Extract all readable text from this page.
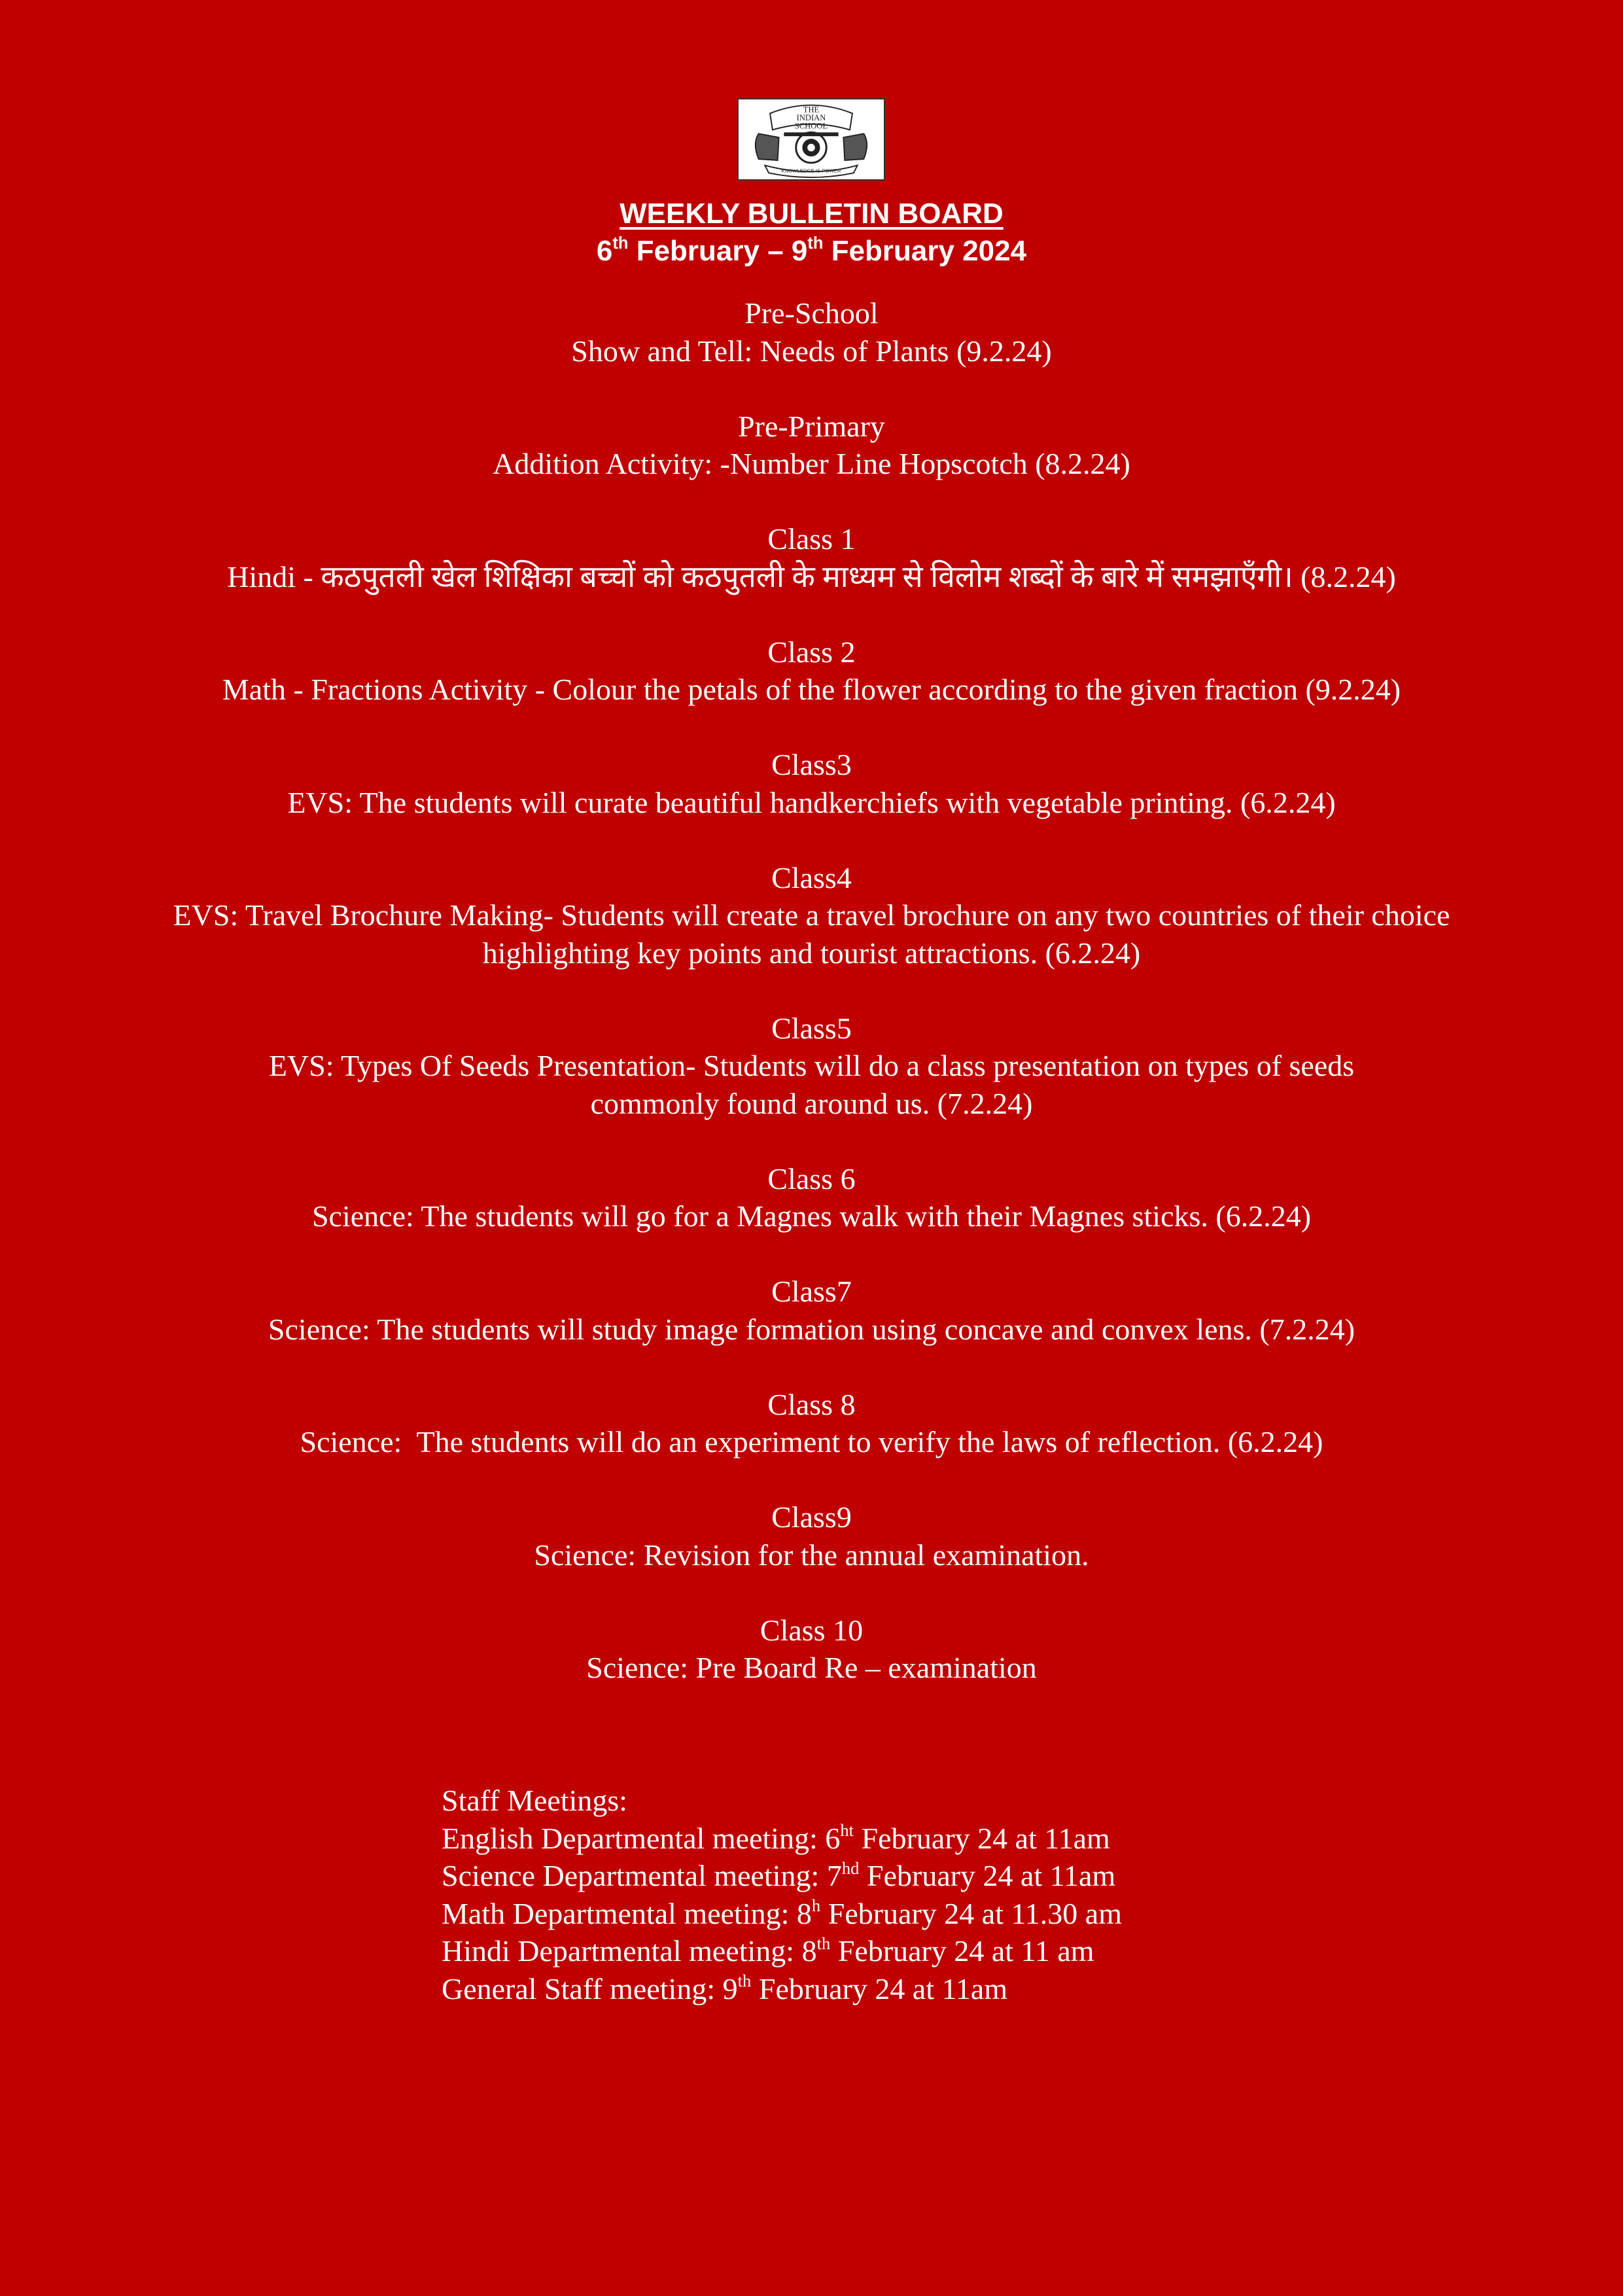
THE
INDIAN
SCHOOL
KNOWLEDGE IS POWER
WEEKLY BULLETIN BOARD
6th February – 9th February 2024
Pre-School
Show and Tell: Needs of Plants (9.2.24)
Pre-Primary
Addition Activity: -Number Line Hopscotch (8.2.24)
Class 1
Hindi - कठपुतली खेल शिक्षिका बच्चों को कठपुतली के माध्यम से विलोम शब्दों के बारे में समझाएँगी। (8.2.24)
Class 2
Math - Fractions Activity - Colour the petals of the flower according to the given fraction (9.2.24)
Class3
EVS: The students will curate beautiful handkerchiefs with vegetable printing. (6.2.24)
Class4
EVS: Travel Brochure Making- Students will create a travel brochure on any two countries of their choice highlighting key points and tourist attractions. (6.2.24)
Class5
EVS: Types Of Seeds Presentation- Students will do a class presentation on types of seeds commonly found around us. (7.2.24)
Class 6
Science: The students will go for a Magnes walk with their Magnes sticks. (6.2.24)
Class7
Science: The students will study image formation using concave and convex lens. (7.2.24)
Class 8
Science:  The students will do an experiment to verify the laws of reflection. (6.2.24)
Class9
Science: Revision for the annual examination.
Class 10
Science: Pre Board Re – examination
Staff Meetings:
English Departmental meeting: $6^{ht}$ February 24 at 11am
Science Departmental meeting: $7^{hd}$ February 24 at 11am
Math Departmental meeting: 8$^h$ February 24 at 11.30 am
Hindi Departmental meeting: 8th February 24 at 11 am
General Staff meeting: 9th February 24 at 11am
